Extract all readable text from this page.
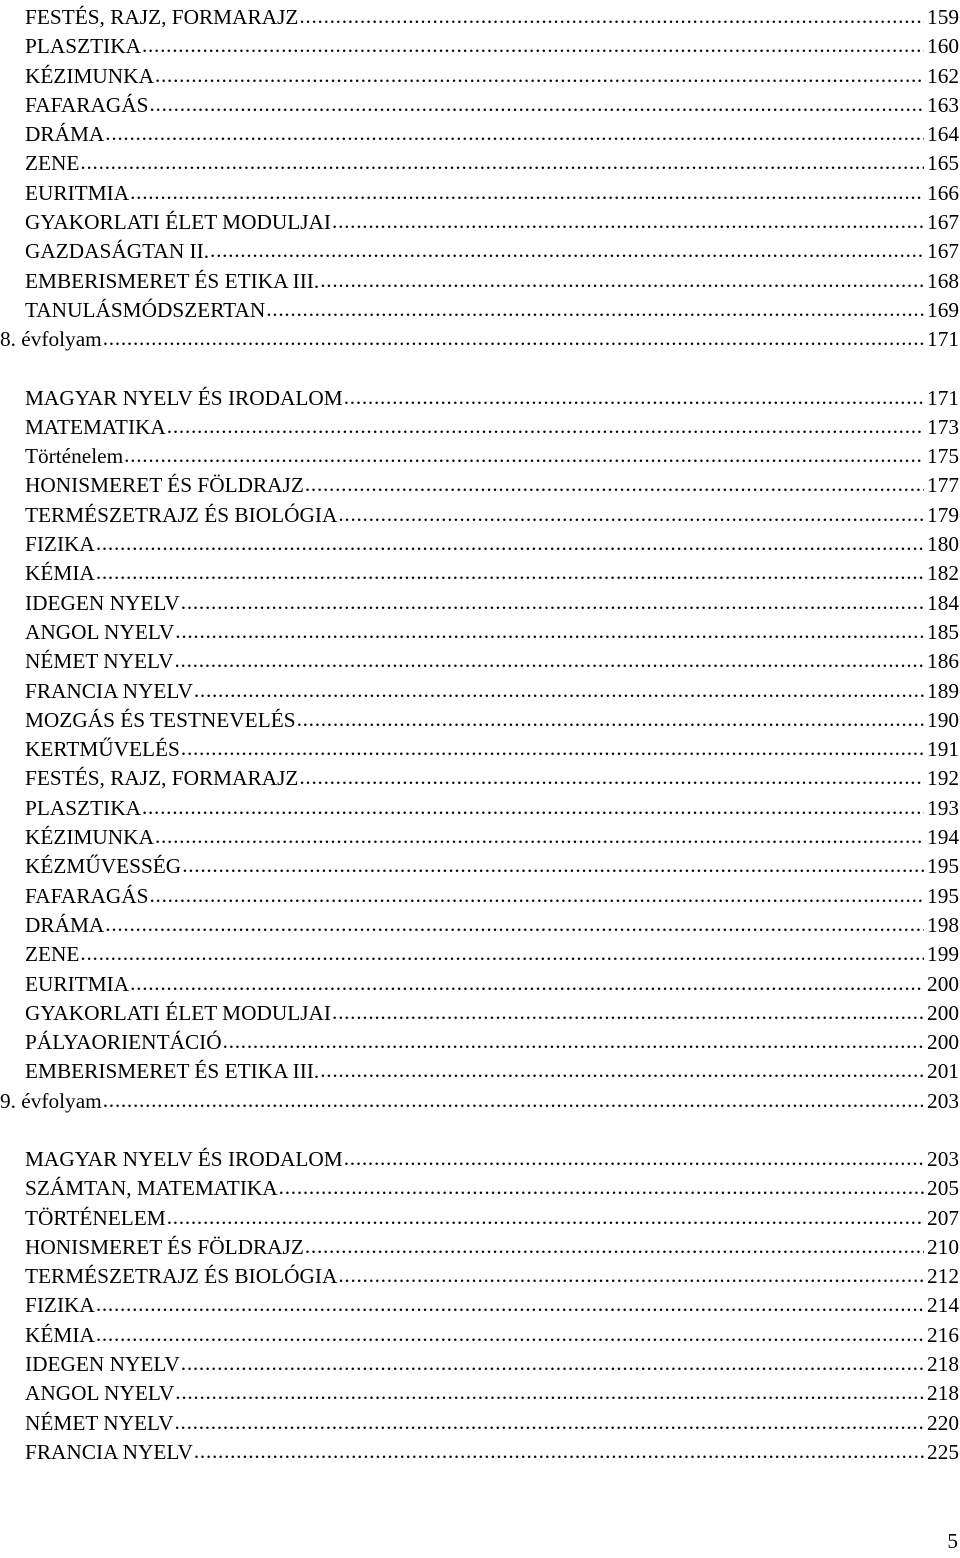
FESTÉS, RAJZ, FORMARAJZ . . .	159
PLASZTIKA . . .	160
KÉZIMUNKA . . .	162
FAFARAGÁS . . .	163
DRÁMA . . .	164
ZENE . . .	165
EURITMIA . . .	166
GYAKORLATI ÉLET MODULJAI . . .	167
GAZDASÁGTAN II. . . .	167
EMBERISMERET ÉS ETIKA III. . . .	168
TANULÁSMÓDSZERTAN . . .	169
8. évfolyam . . .	171
MAGYAR NYELV ÉS IRODALOM . . .	171
MATEMATIKA . . .	173
Történelem . . .	175
HONISMERET ÉS FÖLDRAJZ . . .	177
TERMÉSZETRAJZ ÉS BIOLÓGIA . . .	179
FIZIKA . . .	180
KÉMIA . . .	182
IDEGEN NYELV . . .	184
ANGOL NYELV . . .	185
NÉMET NYELV . . .	186
FRANCIA NYELV . . .	189
MOZGÁS ÉS TESTNEVELÉS . . .	190
KERTMŰVELÉS . . .	191
FESTÉS, RAJZ, FORMARAJZ . . .	192
PLASZTIKA . . .	193
KÉZIMUNKA . . .	194
KÉZMŰVESSÉG . . .	195
FAFARAGÁS . . .	195
DRÁMA . . .	198
ZENE . . .	199
EURITMIA . . .	200
GYAKORLATI ÉLET MODULJAI . . .	200
PÁLYAORIENTÁCIÓ . . .	200
EMBERISMERET ÉS ETIKA III. . . .	201
9. évfolyam . . .	203
MAGYAR NYELV ÉS IRODALOM . . .	203
SZÁMTAN, MATEMATIKA . . .	205
TÖRTÉNELEM . . .	207
HONISMERET ÉS FÖLDRAJZ . . .	210
TERMÉSZETRAJZ ÉS BIOLÓGIA . . .	212
FIZIKA . . .	214
KÉMIA . . .	216
IDEGEN NYELV . . .	218
ANGOL NYELV . . .	218
NÉMET NYELV . . .	220
FRANCIA NYELV . . .	225
5
